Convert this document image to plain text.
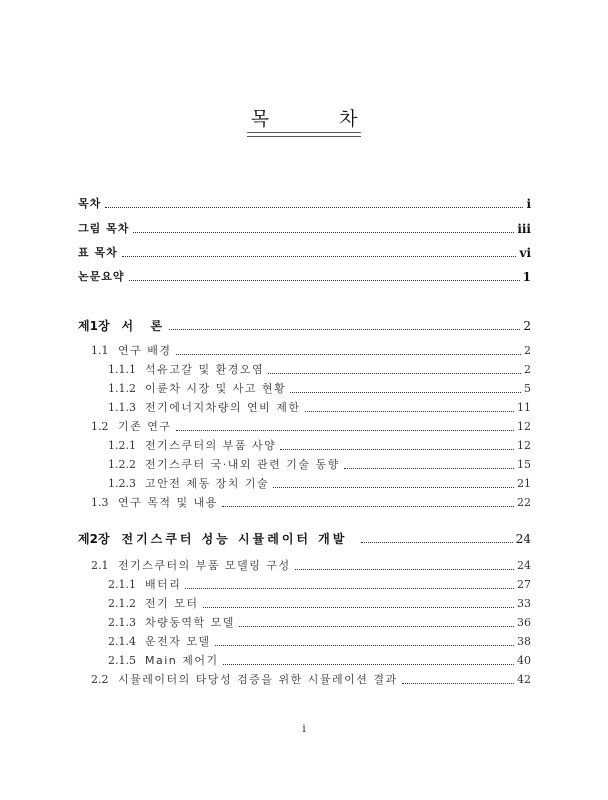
목	차
목차	i
그림 목차	iii
표 목차	vi
논문요약	1
제1장 서  론	2
1.1 연구 배경	2
1.1.1 석유고갈 및 환경오염	2
1.1.2 이륜차 시장 및 사고 현황	5
1.1.3 전기에너지차량의 연비 제한	11
1.2 기존 연구	12
1.2.1 전기스쿠터의 부품 사양	12
1.2.2 전기스쿠터 국·내외 관련 기술 동향	15
1.2.3 고안전 제동 장치 기술	21
1.3 연구 목적 및 내용	22
제2장 전기스쿠터 성능 시뮬레이터 개발	24
2.1 전기스쿠터의 부품 모델링 구성	24
2.1.1 배터리	27
2.1.2 전기 모터	33
2.1.3 차량동역학 모델	36
2.1.4 운전자 모델	38
2.1.5 Main 제어기	40
2.2 시뮬레이터의 타당성 검증을 위한 시뮬레이션 결과	42
i
